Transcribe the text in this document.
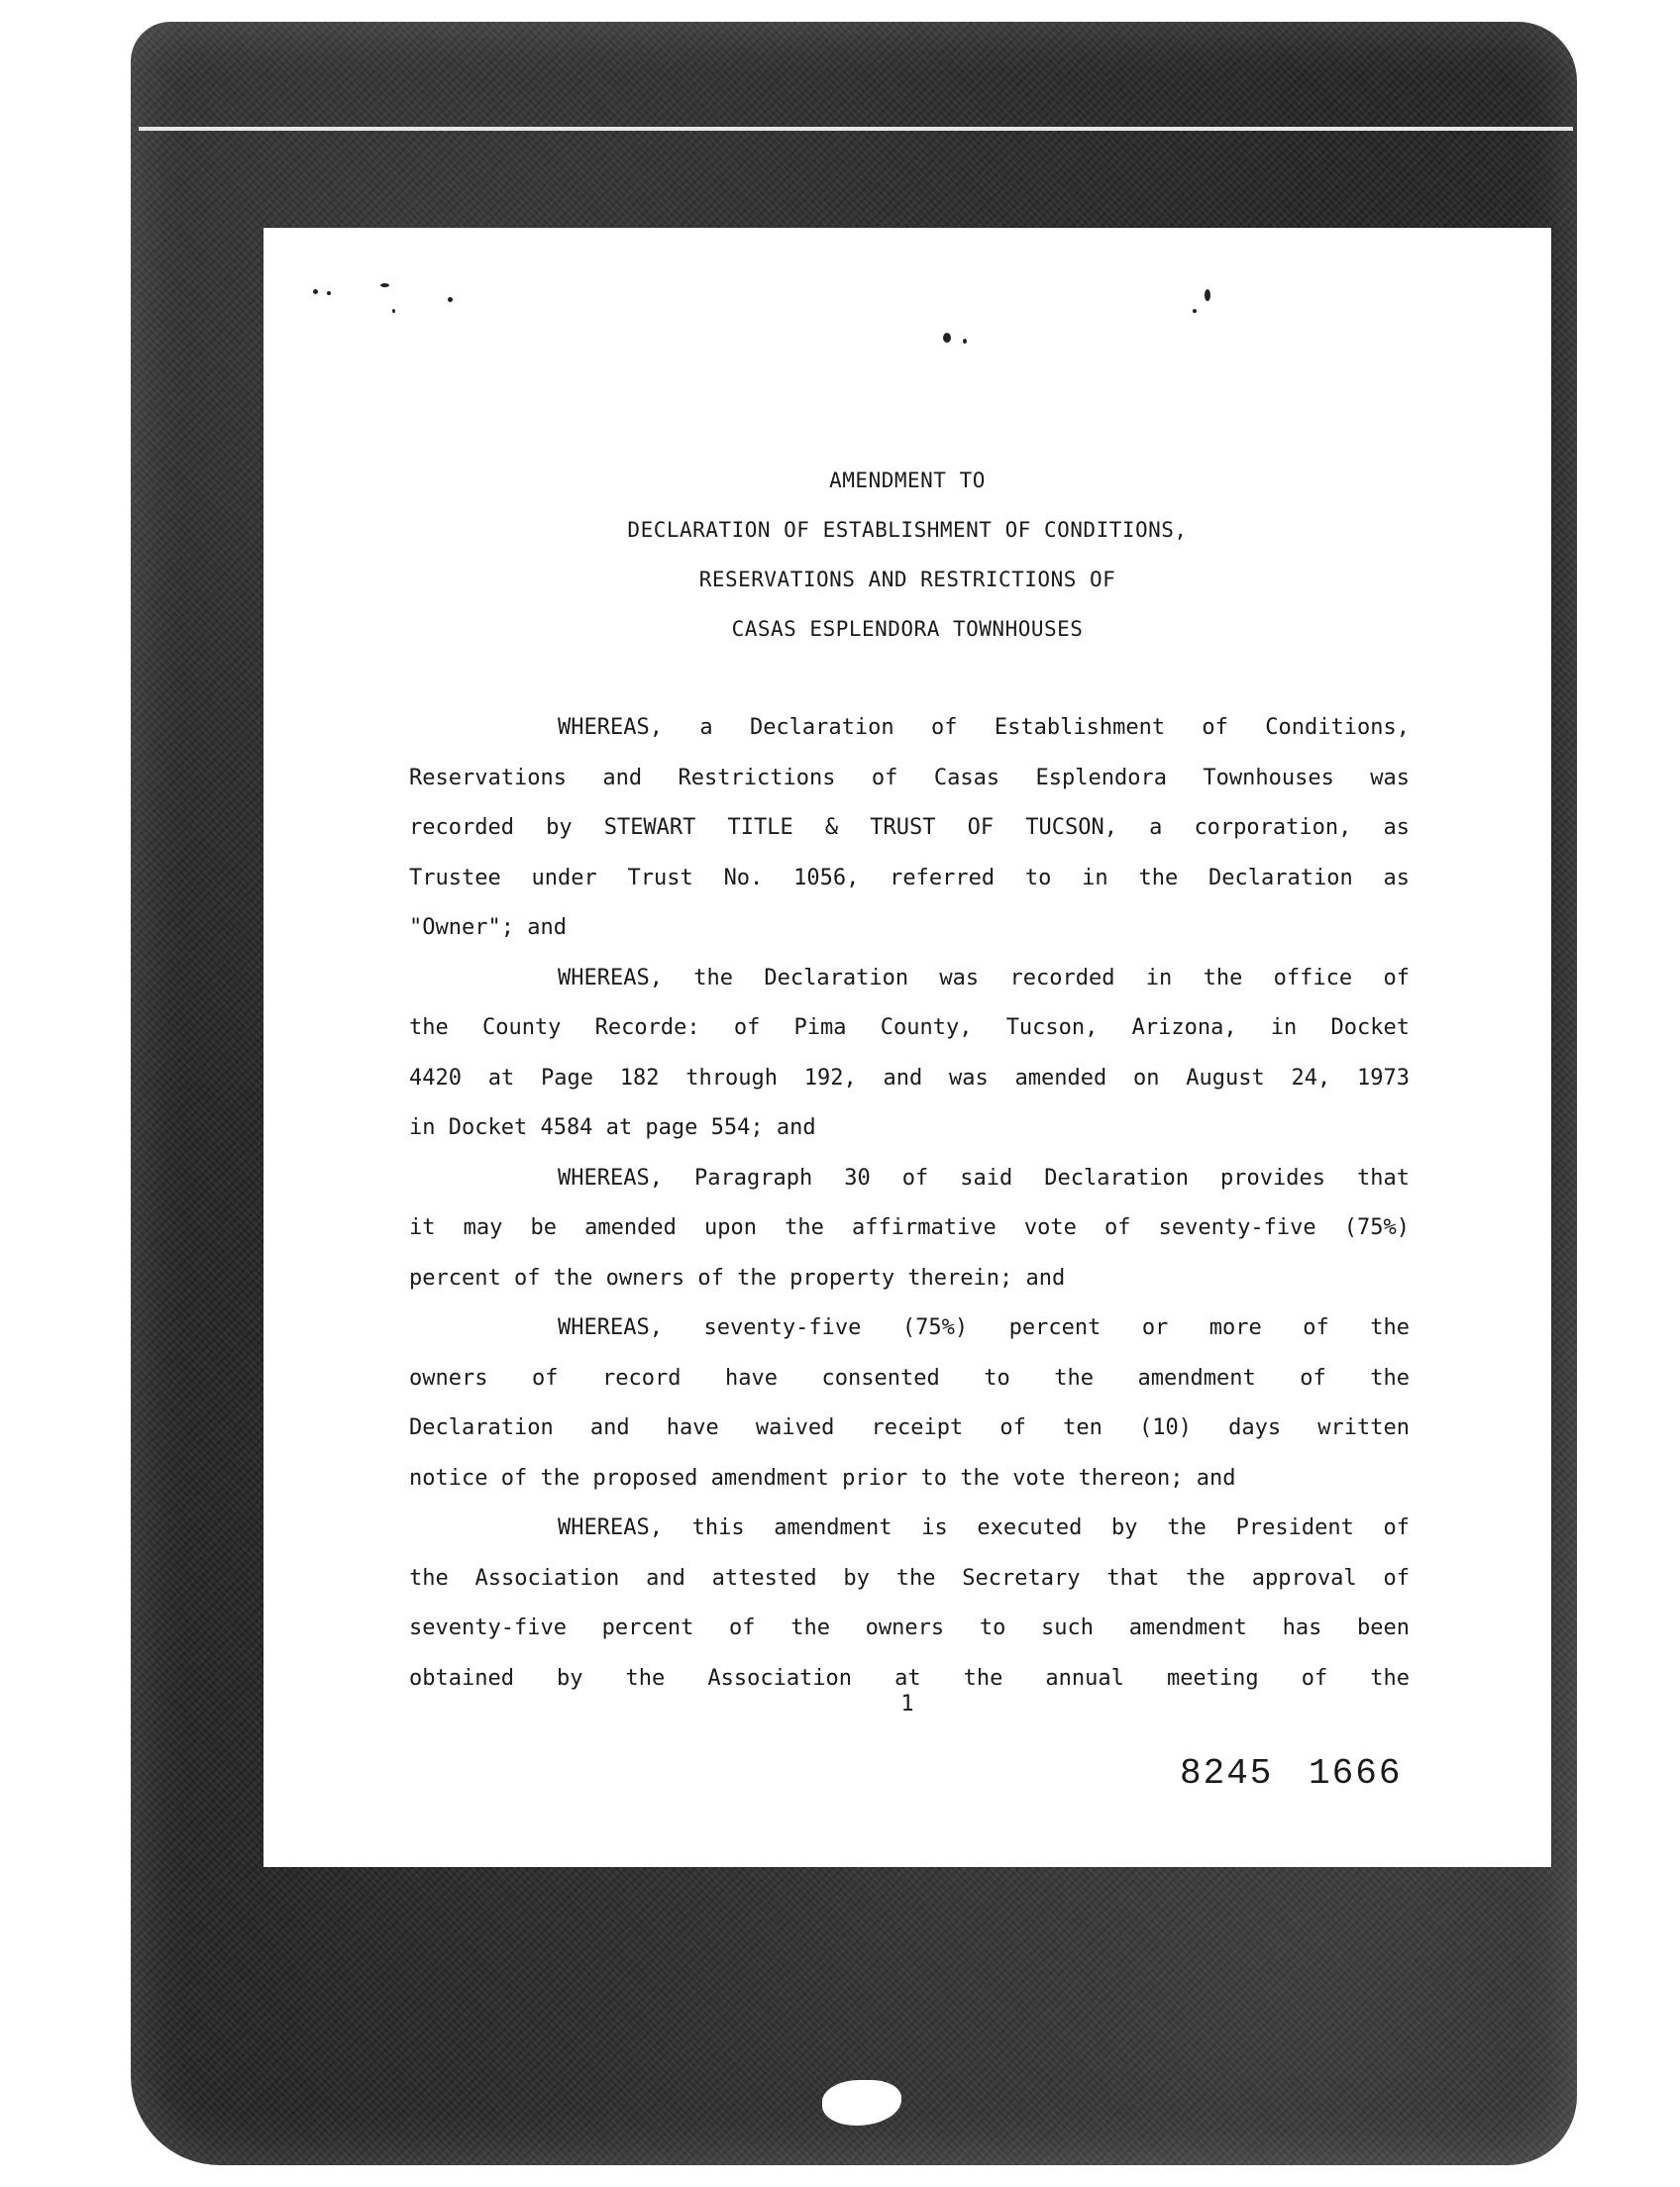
AMENDMENT TO
DECLARATION OF ESTABLISHMENT OF CONDITIONS,
RESERVATIONS AND RESTRICTIONS OF
CASAS ESPLENDORA TOWNHOUSES
WHEREAS, a Declaration of Establishment of Conditions,
Reservations and Restrictions of Casas Esplendora Townhouses was
recorded by STEWART TITLE & TRUST OF TUCSON, a corporation, as
Trustee under Trust No. 1056, referred to in the Declaration as
"Owner"; and
WHEREAS, the Declaration was recorded in the office of
the County Recorde: of Pima County, Tucson, Arizona, in Docket
4420 at Page 182 through 192, and was amended on August 24, 1973
in Docket 4584 at page 554; and
WHEREAS, Paragraph 30 of said Declaration provides that
it may be amended upon the affirmative vote of seventy-five (75%)
percent of the owners of the property therein; and
WHEREAS, seventy-five (75%) percent or more of the
owners of record have consented to the amendment of the
Declaration and have waived receipt of ten (10) days written
notice of the proposed amendment prior to the vote thereon; and
WHEREAS, this amendment is executed by the President of
the Association and attested by the Secretary that the approval of
seventy-five percent of the owners to such amendment has been
obtained by the Association at the annual meeting of the
1
8245 1666
